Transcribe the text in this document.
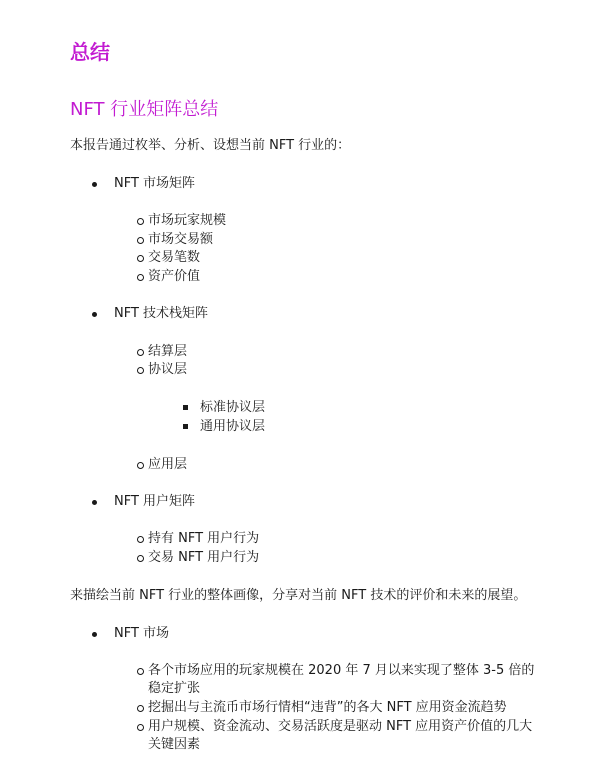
总结
NFT 行业矩阵总结
本报告通过枚举、分析、设想当前 NFT 行业的：
NFT 市场矩阵
市场玩家规模
市场交易额
交易笔数
资产价值
NFT 技术栈矩阵
结算层
协议层
标准协议层
通用协议层
应用层
NFT 用户矩阵
持有 NFT 用户行为
交易 NFT 用户行为
来描绘当前 NFT 行业的整体画像，分享对当前 NFT 技术的评价和未来的展望。
NFT 市场
各个市场应用的玩家规模在 2020 年 7 月以来实现了整体 3-5 倍的稳定扩张
挖掘出与主流币市场行情相“违背”的各大 NFT 应用资金流趋势
用户规模、资金流动、交易活跃度是驱动 NFT 应用资产价值的几大关键因素
